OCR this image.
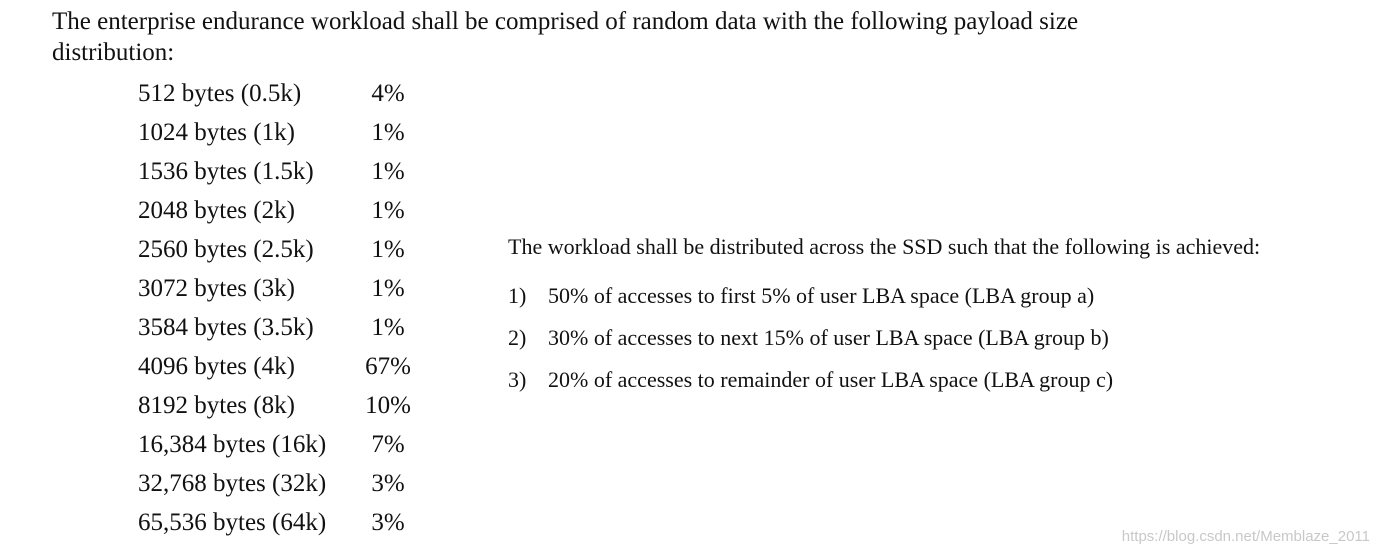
The enterprise endurance workload shall be comprised of random data with the following payload size distribution:
512 bytes (0.5k)	4%
1024 bytes (1k)	1%
1536 bytes (1.5k)	1%
2048 bytes (2k)	1%
2560 bytes (2.5k)	1%
3072 bytes (3k)	1%
3584 bytes (3.5k)	1%
4096 bytes (4k)	67%
8192 bytes (8k)	10%
16,384 bytes (16k)	7%
32,768 bytes (32k)	3%
65,536 bytes (64k)	3%

The workload shall be distributed across the SSD such that the following is achieved:

1) 50% of accesses to first 5% of user LBA space (LBA group a)
2) 30% of accesses to next 15% of user LBA space (LBA group b)
3) 20% of accesses to remainder of user LBA space (LBA group c)
https://blog.csdn.net/Memblaze_2011
